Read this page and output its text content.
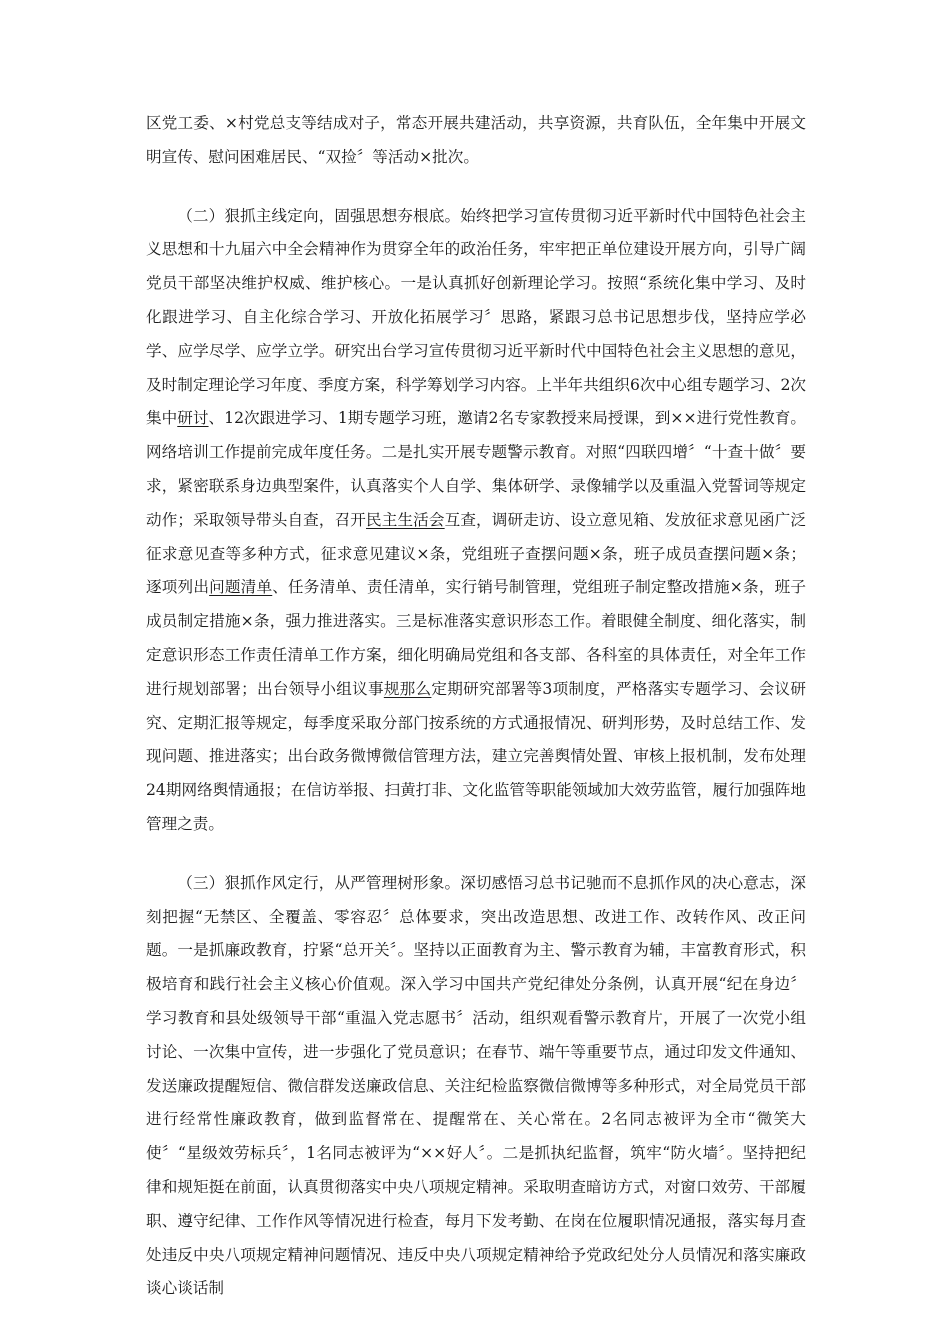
区党工委、×村党总支等结成对子，常态开展共建活动，共享资源，共育队伍，全年集中开展文明宣传、慰问困难居民、“双捡〞等活动×批次。

（二）狠抓主线定向，固强思想夯根底。始终把学习宣传贯彻习近平新时代中国特色社会主义思想和十九届六中全会精神作为贯穿全年的政治任务，牢牢把正单位建设开展方向，引导广阔党员干部坚决维护权威、维护核心。一是认真抓好创新理论学习。按照“系统化集中学习、及时化跟进学习、自主化综合学习、开放化拓展学习〞思路，紧跟习总书记思想步伐，坚持应学必学、应学尽学、应学立学。研究出台学习宣传贯彻习近平新时代中国特色社会主义思想的意见，及时制定理论学习年度、季度方案，科学筹划学习内容。上半年共组织6次中心组专题学习、2次集中研讨、12次跟进学习、1期专题学习班，邀请2名专家教授来局授课，到××进行党性教育。网络培训工作提前完成年度任务。二是扎实开展专题警示教育。对照“四联四增〞“十查十做〞要求，紧密联系身边典型案件，认真落实个人自学、集体研学、录像辅学以及重温入党誓词等规定动作；采取领导带头自查，召开民主生活会互查，调研走访、设立意见箱、发放征求意见函广泛征求意见查等多种方式，征求意见建议×条，党组班子查摆问题×条，班子成员查摆问题×条；逐项列出问题清单、任务清单、责任清单，实行销号制管理，党组班子制定整改措施×条，班子成员制定措施×条，强力推进落实。三是标准落实意识形态工作。着眼健全制度、细化落实，制定意识形态工作责任清单工作方案，细化明确局党组和各支部、各科室的具体责任，对全年工作进行规划部署；出台领导小组议事规那么定期研究部署等3项制度，严格落实专题学习、会议研究、定期汇报等规定，每季度采取分部门按系统的方式通报情况、研判形势，及时总结工作、发现问题、推进落实；出台政务微博微信管理方法，建立完善舆情处置、审核上报机制，发布处理24期网络舆情通报；在信访举报、扫黄打非、文化监管等职能领域加大效劳监管，履行加强阵地管理之责。

（三）狠抓作风定行，从严管理树形象。深切感悟习总书记驰而不息抓作风的决心意志，深刻把握“无禁区、全覆盖、零容忍〞总体要求，突出改造思想、改进工作、改转作风、改正问题。一是抓廉政教育，拧紧“总开关〞。坚持以正面教育为主、警示教育为辅，丰富教育形式，积极培育和践行社会主义核心价值观。深入学习中国共产党纪律处分条例，认真开展“纪在身边〞学习教育和县处级领导干部“重温入党志愿书〞活动，组织观看警示教育片，开展了一次党小组讨论、一次集中宣传，进一步强化了党员意识；在春节、端午等重要节点，通过印发文件通知、发送廉政提醒短信、微信群发送廉政信息、关注纪检监察微信微博等多种形式，对全局党员干部进行经常性廉政教育，做到监督常在、提醒常在、关心常在。2名同志被评为全市“微笑大使〞“星级效劳标兵〞，1名同志被评为“××好人〞。二是抓执纪监督，筑牢“防火墙〞。坚持把纪律和规矩挺在前面，认真贯彻落实中央八项规定精神。采取明查暗访方式，对窗口效劳、干部履职、遵守纪律、工作作风等情况进行检查，每月下发考勤、在岗在位履职情况通报，落实每月查处违反中央八项规定精神问题情况、违反中央八项规定精神给予党政纪处分人员情况和落实廉政谈心谈话制
